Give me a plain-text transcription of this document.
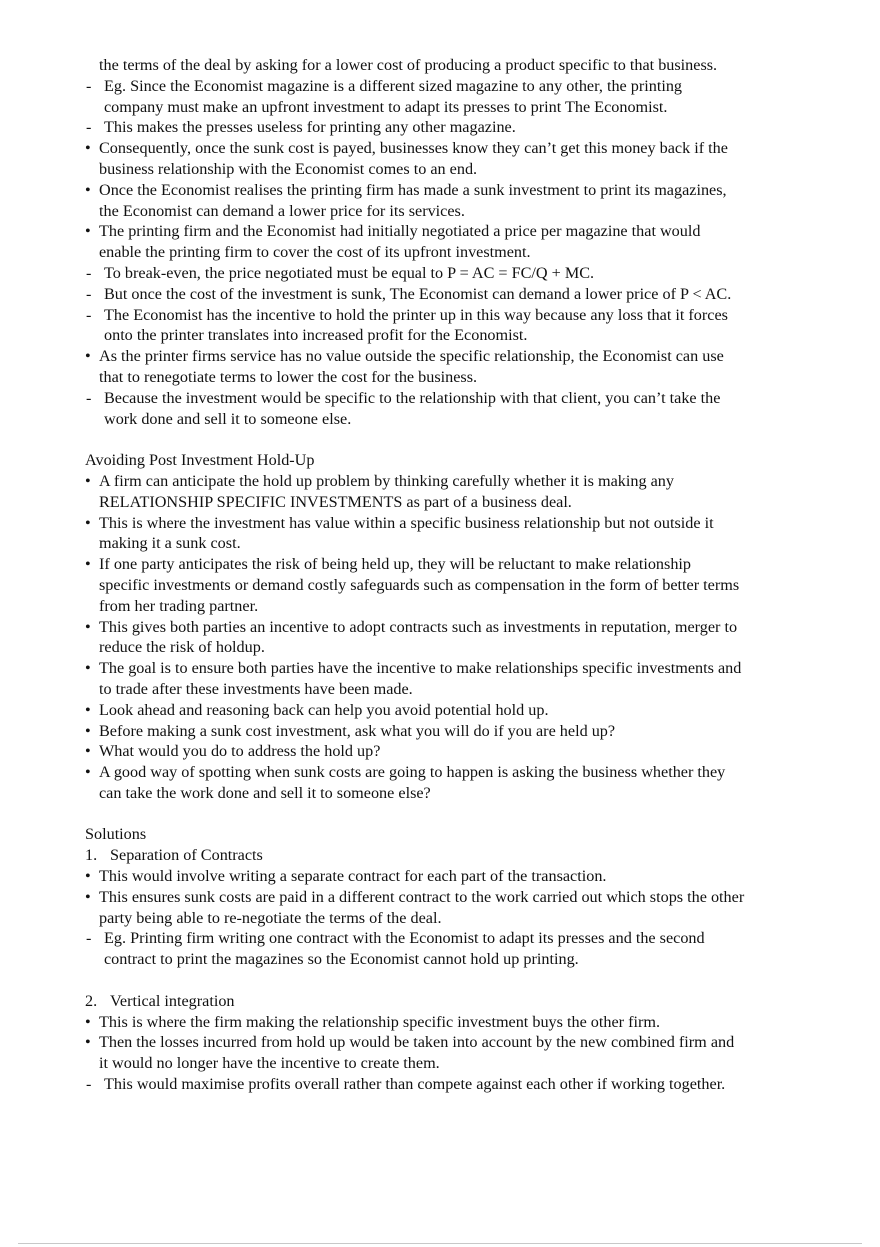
the terms of the deal by asking for a lower cost of producing a product specific to that business.
- Eg. Since the Economist magazine is a different sized magazine to any other, the printing company must make an upfront investment to adapt its presses to print The Economist.
- This makes the presses useless for printing any other magazine.
• Consequently, once the sunk cost is payed, businesses know they can’t get this money back if the business relationship with the Economist comes to an end.
• Once the Economist realises the printing firm has made a sunk investment to print its magazines, the Economist can demand a lower price for its services.
• The printing firm and the Economist had initially negotiated a price per magazine that would enable the printing firm to cover the cost of its upfront investment.
- To break-even, the price negotiated must be equal to P = AC = FC/Q + MC.
- But once the cost of the investment is sunk, The Economist can demand a lower price of P < AC.
- The Economist has the incentive to hold the printer up in this way because any loss that it forces onto the printer translates into increased profit for the Economist.
• As the printer firms service has no value outside the specific relationship, the Economist can use that to renegotiate terms to lower the cost for the business.
- Because the investment would be specific to the relationship with that client, you can’t take the work done and sell it to someone else.
Avoiding Post Investment Hold-Up
• A firm can anticipate the hold up problem by thinking carefully whether it is making any RELATIONSHIP SPECIFIC INVESTMENTS as part of a business deal.
• This is where the investment has value within a specific business relationship but not outside it making it a sunk cost.
• If one party anticipates the risk of being held up, they will be reluctant to make relationship specific investments or demand costly safeguards such as compensation in the form of better terms from her trading partner.
• This gives both parties an incentive to adopt contracts such as investments in reputation, merger to reduce the risk of holdup.
• The goal is to ensure both parties have the incentive to make relationships specific investments and to trade after these investments have been made.
• Look ahead and reasoning back can help you avoid potential hold up.
• Before making a sunk cost investment, ask what you will do if you are held up?
• What would you do to address the hold up?
• A good way of spotting when sunk costs are going to happen is asking the business whether they can take the work done and sell it to someone else?
Solutions
1. Separation of Contracts
• This would involve writing a separate contract for each part of the transaction.
• This ensures sunk costs are paid in a different contract to the work carried out which stops the other party being able to re-negotiate the terms of the deal.
- Eg. Printing firm writing one contract with the Economist to adapt its presses and the second contract to print the magazines so the Economist cannot hold up printing.
2. Vertical integration
• This is where the firm making the relationship specific investment buys the other firm.
• Then the losses incurred from hold up would be taken into account by the new combined firm and it would no longer have the incentive to create them.
- This would maximise profits overall rather than compete against each other if working together.
